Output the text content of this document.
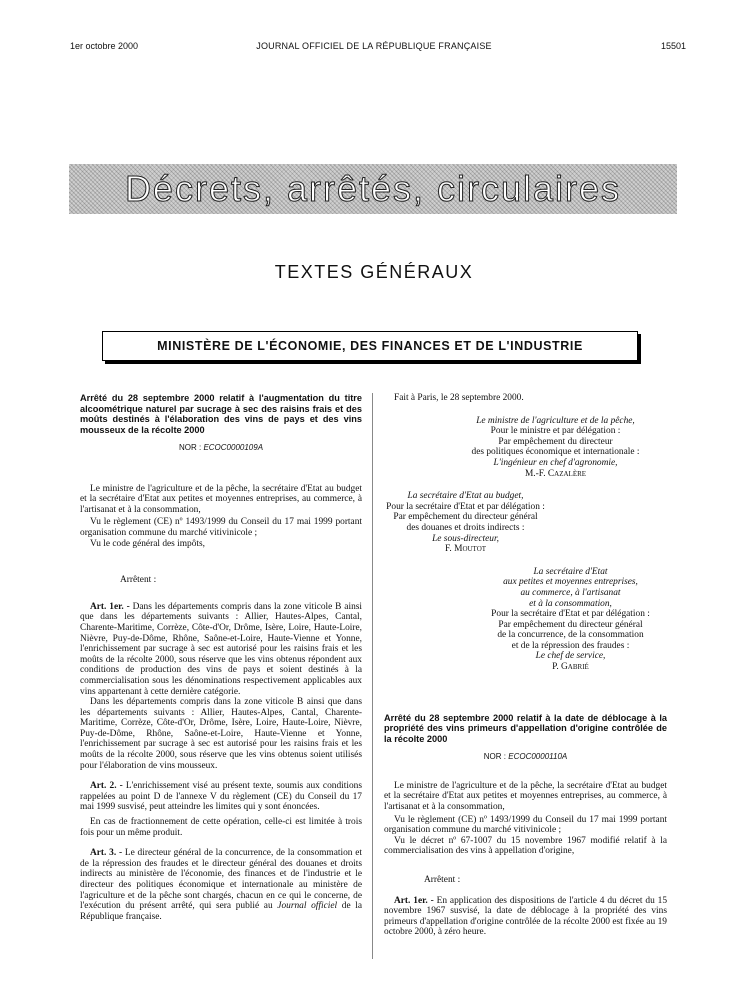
1er octobre 2000	JOURNAL OFFICIEL DE LA RÉPUBLIQUE FRANÇAISE	15501
Décrets, arrêtés, circulaires
TEXTES GÉNÉRAUX
MINISTÈRE DE L'ÉCONOMIE, DES FINANCES ET DE L'INDUSTRIE
Arrêté du 28 septembre 2000 relatif à l'augmentation du titre alcoométrique naturel par sucrage à sec des raisins frais et des moûts destinés à l'élaboration des vins de pays et des vins mousseux de la récolte 2000
NOR : ECOC0000109A

Le ministre de l'agriculture et de la pêche, la secrétaire d'Etat au budget et la secrétaire d'Etat aux petites et moyennes entreprises, au commerce, à l'artisanat et à la consommation,

Vu le règlement (CE) nº 1493/1999 du Conseil du 17 mai 1999 portant organisation commune du marché vitivinicole ;

Vu le code général des impôts,

Arrêtent :

Art. 1er. - Dans les départements compris dans la zone viticole B ainsi que dans les départements suivants : Allier, Hautes-Alpes, Cantal, Charente-Maritime, Corrèze, Côte-d'Or, Drôme, Isère, Loire, Haute-Loire, Nièvre, Puy-de-Dôme, Rhône, Saône-et-Loire, Haute-Vienne et Yonne, l'enrichissement par sucrage à sec est autorisé pour les raisins frais et les moûts de la récolte 2000, sous réserve que les vins obtenus répondent aux conditions de production des vins de pays et soient destinés à la commercialisation sous les dénominations respectivement applicables aux vins appartenant à cette dernière catégorie.

Dans les départements compris dans la zone viticole B ainsi que dans les départements suivants : Allier, Hautes-Alpes, Cantal, Charente-Maritime, Corrèze, Côte-d'Or, Drôme, Isère, Loire, Haute-Loire, Nièvre, Puy-de-Dôme, Rhône, Saône-et-Loire, Haute-Vienne et Yonne, l'enrichissement par sucrage à sec est autorisé pour les raisins frais et les moûts de la récolte 2000, sous réserve que les vins obtenus soient utilisés pour l'élaboration de vins mousseux.

Art. 2. - L'enrichissement visé au présent texte, soumis aux conditions rappelées au point D de l'annexe V du règlement (CE) du Conseil du 17 mai 1999 susvisé, peut atteindre les limites qui y sont énoncées.

En cas de fractionnement de cette opération, celle-ci est limitée à trois fois pour un même produit.

Art. 3. - Le directeur général de la concurrence, de la consommation et de la répression des fraudes et le directeur général des douanes et droits indirects au ministère de l'économie, des finances et de l'industrie et le directeur des politiques économique et internationale au ministère de l'agriculture et de la pêche sont chargés, chacun en ce qui le concerne, de l'exécution du présent arrêté, qui sera publié au Journal officiel de la République française.

Fait à Paris, le 28 septembre 2000.

Le ministre de l'agriculture et de la pêche,
Pour le ministre et par délégation :
Par empêchement du directeur
des politiques économique et internationale :
L'ingénieur en chef d'agronomie,
M.-F. Cazalère
La secrétaire d'Etat au budget,
Pour la secrétaire d'Etat et par délégation :
Par empêchement du directeur général
des douanes et droits indirects :
Le sous-directeur,
F. Moutot
La secrétaire d'Etat
aux petites et moyennes entreprises,
au commerce, à l'artisanat
et à la consommation,
Pour la secrétaire d'Etat et par délégation :
Par empêchement du directeur général
de la concurrence, de la consommation
et de la répression des fraudes :
Le chef de service,
P. Gabrié
Arrêté du 28 septembre 2000 relatif à la date de déblocage à la propriété des vins primeurs d'appellation d'origine contrôlée de la récolte 2000
NOR : ECOC0000110A

Le ministre de l'agriculture et de la pêche, la secrétaire d'Etat au budget et la secrétaire d'Etat aux petites et moyennes entreprises, au commerce, à l'artisanat et à la consommation,

Vu le règlement (CE) nº 1493/1999 du Conseil du 17 mai 1999 portant organisation commune du marché vitivinicole ;

Vu le décret nº 67-1007 du 15 novembre 1967 modifié relatif à la commercialisation des vins à appellation d'origine,

Arrêtent :

Art. 1er. - En application des dispositions de l'article 4 du décret du 15 novembre 1967 susvisé, la date de déblocage à la propriété des vins primeurs d'appellation d'origine contrôlée de la récolte 2000 est fixée au 19 octobre 2000, à zéro heure.
